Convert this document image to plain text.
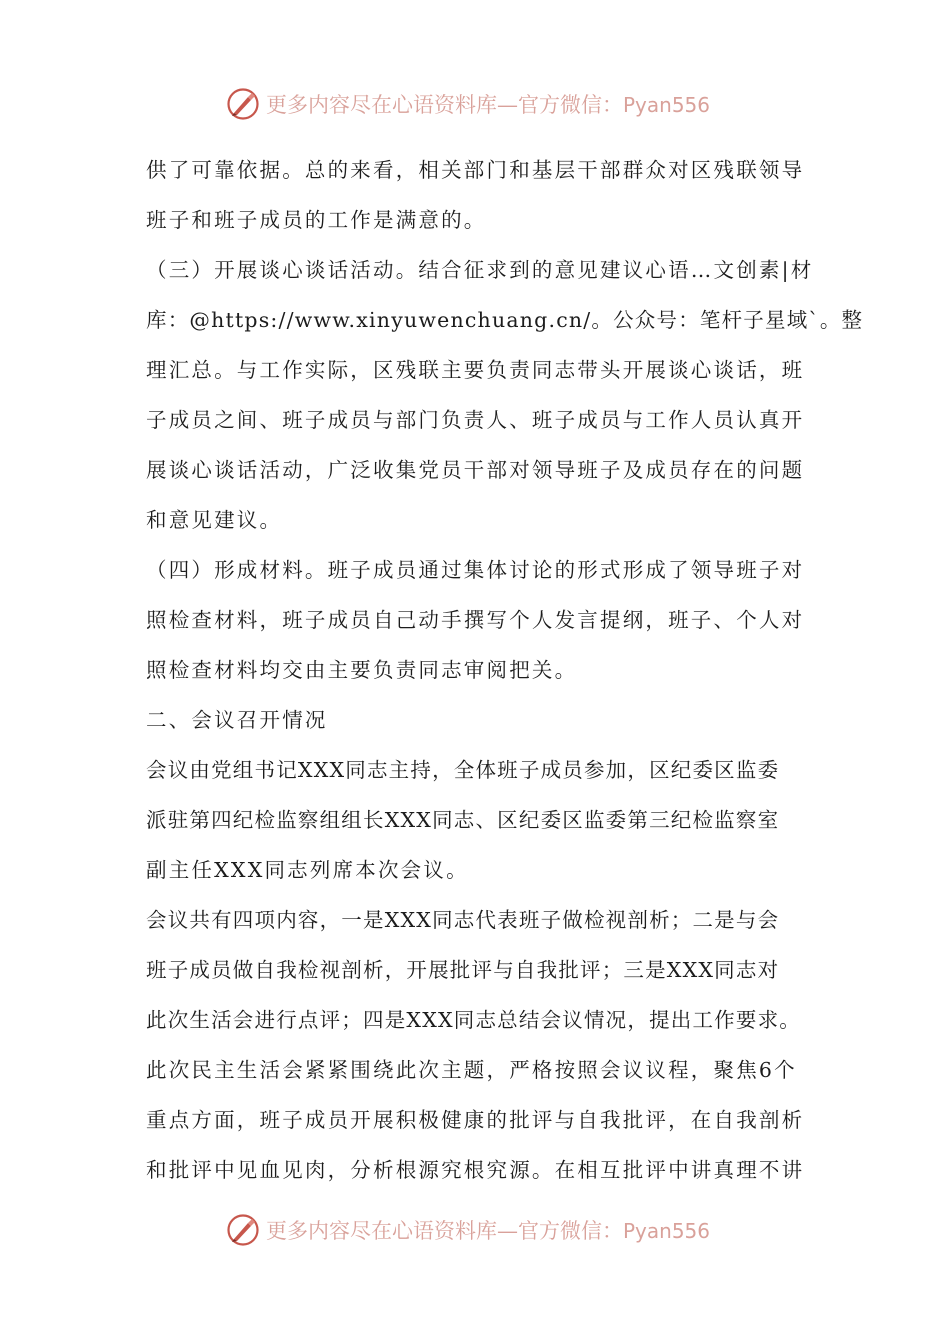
更多内容尽在心语资料库—官方微信：Pyan556
供了可靠依据。总的来看，相关部门和基层干部群众对区残联领导
班子和班子成员的工作是满意的。
（三）开展谈心谈话活动。结合征求到的意见建议心语…文创素|材
库：@https://www.xinyuwenchuang.cn/。公众号：笔杆子星域`。整
理汇总。与工作实际，区残联主要负责同志带头开展谈心谈话，班
子成员之间、班子成员与部门负责人、班子成员与工作人员认真开
展谈心谈话活动，广泛收集党员干部对领导班子及成员存在的问题
和意见建议。
（四）形成材料。班子成员通过集体讨论的形式形成了领导班子对
照检查材料，班子成员自己动手撰写个人发言提纲，班子、个人对
照检查材料均交由主要负责同志审阅把关。
二、会议召开情况
会议由党组书记XXX同志主持，全体班子成员参加，区纪委区监委
派驻第四纪检监察组组长XXX同志、区纪委区监委第三纪检监察室
副主任XXX同志列席本次会议。
会议共有四项内容，一是XXX同志代表班子做检视剖析；二是与会
班子成员做自我检视剖析，开展批评与自我批评；三是XXX同志对
此次生活会进行点评；四是XXX同志总结会议情况，提出工作要求。
此次民主生活会紧紧围绕此次主题，严格按照会议议程，聚焦6个
重点方面，班子成员开展积极健康的批评与自我批评，在自我剖析
和批评中见血见肉，分析根源究根究源。在相互批评中讲真理不讲
更多内容尽在心语资料库—官方微信：Pyan556
